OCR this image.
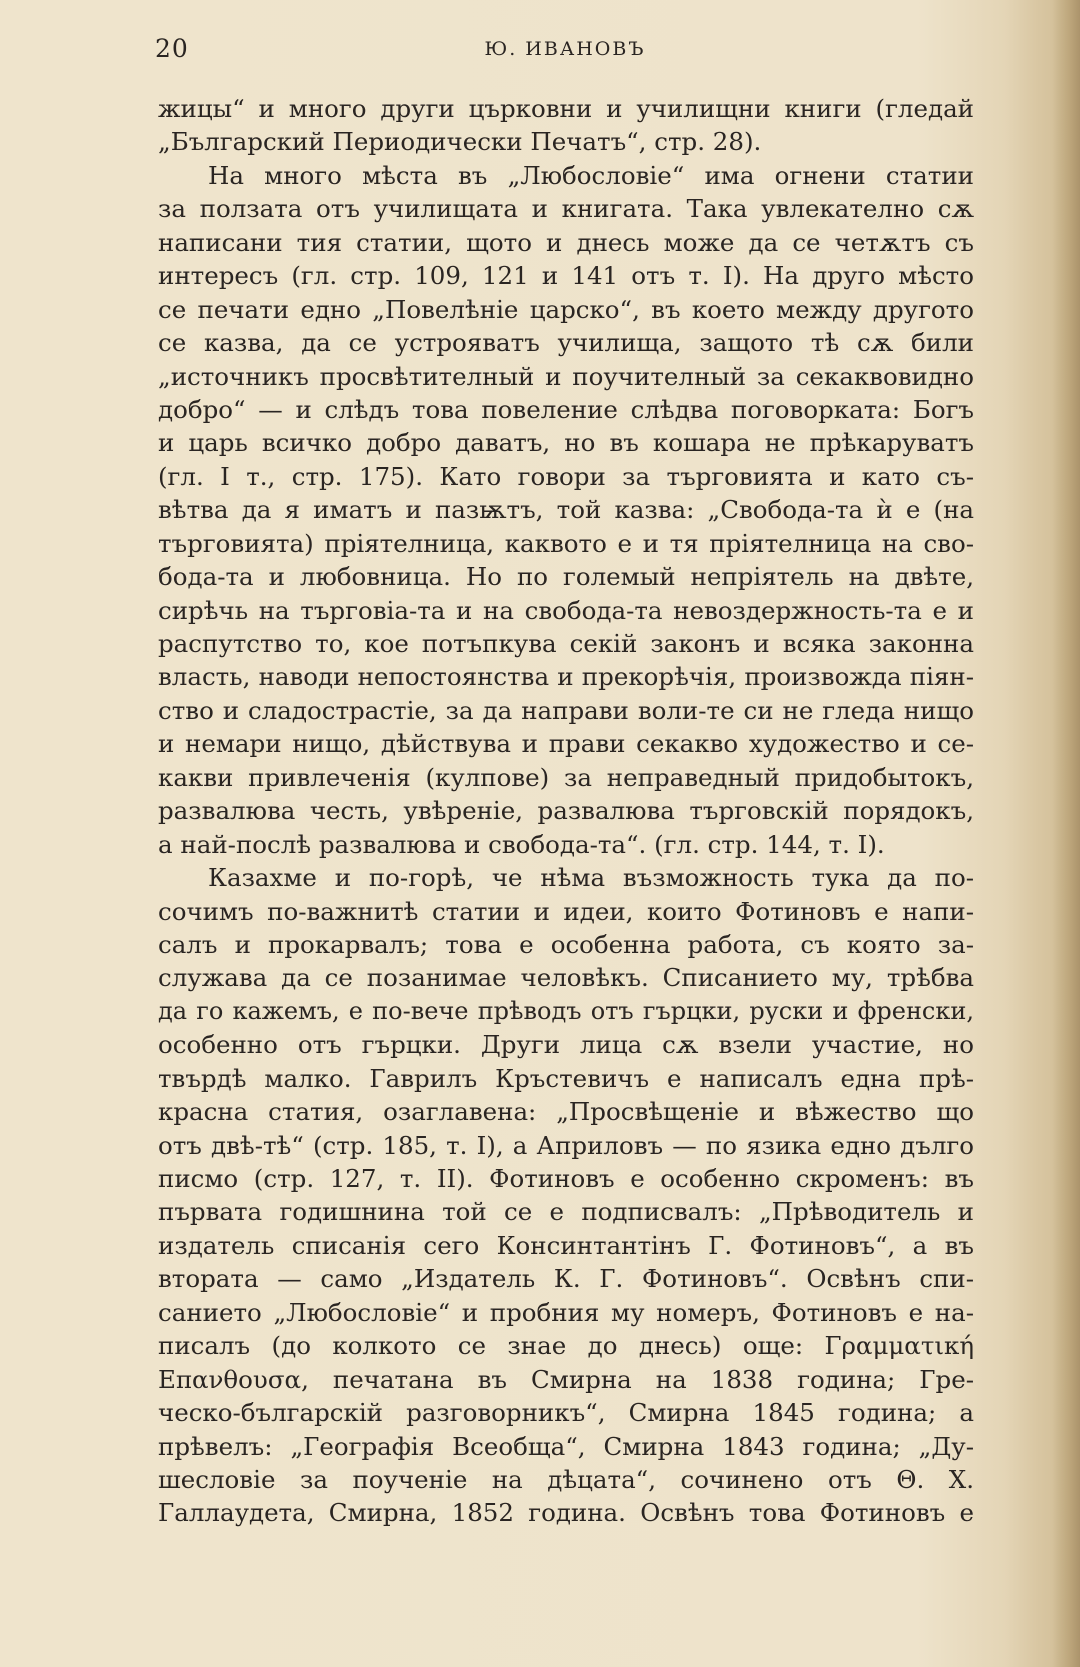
20	Ю. ИВАНОВЪ
жицы“ и много други църковни и училищни книги (гледай
„Българский Периодически Печатъ“, стр. 28).
На много мѣста въ „Любословіе“ има огнени статии
за ползата отъ училищата и книгата. Така увлекателно сѫ
написани тия статии, щото и днесь може да се четѫтъ съ
интересъ (гл. стр. 109, 121 и 141 отъ т. I). На друго мѣсто
се печати едно „Повелѣніе царско“, въ което между другото
се казва, да се устрояватъ училища, защото тѣ сѫ били
„источникъ просвѣтителный и поучителный за секаквовидно
добро“ — и слѣдъ това повеление слѣдва поговорката: Богъ
и царь всичко добро даватъ, но въ кошара не прѣкаруватъ
(гл. I т., стр. 175). Като говори за търговията и като съ-
вѣтва да я иматъ и пазѭтъ, той казва: „Свобода-та ѝ е (на
търговията) пріятелница, каквото е и тя пріятелница на сво-
бода-та и любовница. Но по големый непріятель на двѣте,
сирѣчь на търговіа-та и на свобода-та невоздержность-та е и
распутство то, кое потъпкува секій законъ и всяка законна
власть, наводи непостоянства и прекорѣчія, произвожда піян-
ство и сладострастіе, за да направи воли-те си не гледа нищо
и немари нищо, дѣйствува и прави секакво художество и се-
какви привлеченія (кулпове) за неправедный придобытокъ,
развалюва честь, увѣреніе, развалюва търговскій порядокъ,
а най-послѣ развалюва и свобода-та“. (гл. стр. 144, т. I).
Казахме и по-горѣ, че нѣма възможность тука да по-
сочимъ по-важнитѣ статии и идеи, които Фотиновъ е напи-
салъ и прокарвалъ; това е особенна работа, съ която за-
служава да се позанимае человѣкъ. Списанието му, трѣбва
да го кажемъ, е по-вече прѣводъ отъ гърцки, руски и френски,
особенно отъ гърцки. Други лица сѫ взели участие, но
твърдѣ малко. Гаврилъ Кръстевичъ е написалъ една прѣ-
красна статия, озаглавена: „Просвѣщеніе и вѣжество що
отъ двѣ-тѣ“ (стр. 185, т. I), а Априловъ — по язика едно дълго
писмо (стр. 127, т. II). Фотиновъ е особенно скроменъ: въ
първата годишнина той се е подписвалъ: „Прѣводитель и
издатель списанія сего Консинтантінъ Г. Фотиновъ“, а въ
втората — само „Издатель К. Г. Фотиновъ“. Освѣнъ спи-
санието „Любословіе“ и пробния му номеръ, Фотиновъ е на-
писалъ (до колкото се знае до днесь) още: Γραμματική
Επανθουσα, печатана въ Смирна на 1838 година; Гре-
ческо-българскій разговорникъ“, Смирна 1845 година; а
прѣвелъ: „Географія Всеобща“, Смирна 1843 година; „Ду-
шесловіе за поученіе на дѣцата“, сочинено отъ Θ. Х.
Галлаудета, Смирна, 1852 година. Освѣнъ това Фотиновъ е
